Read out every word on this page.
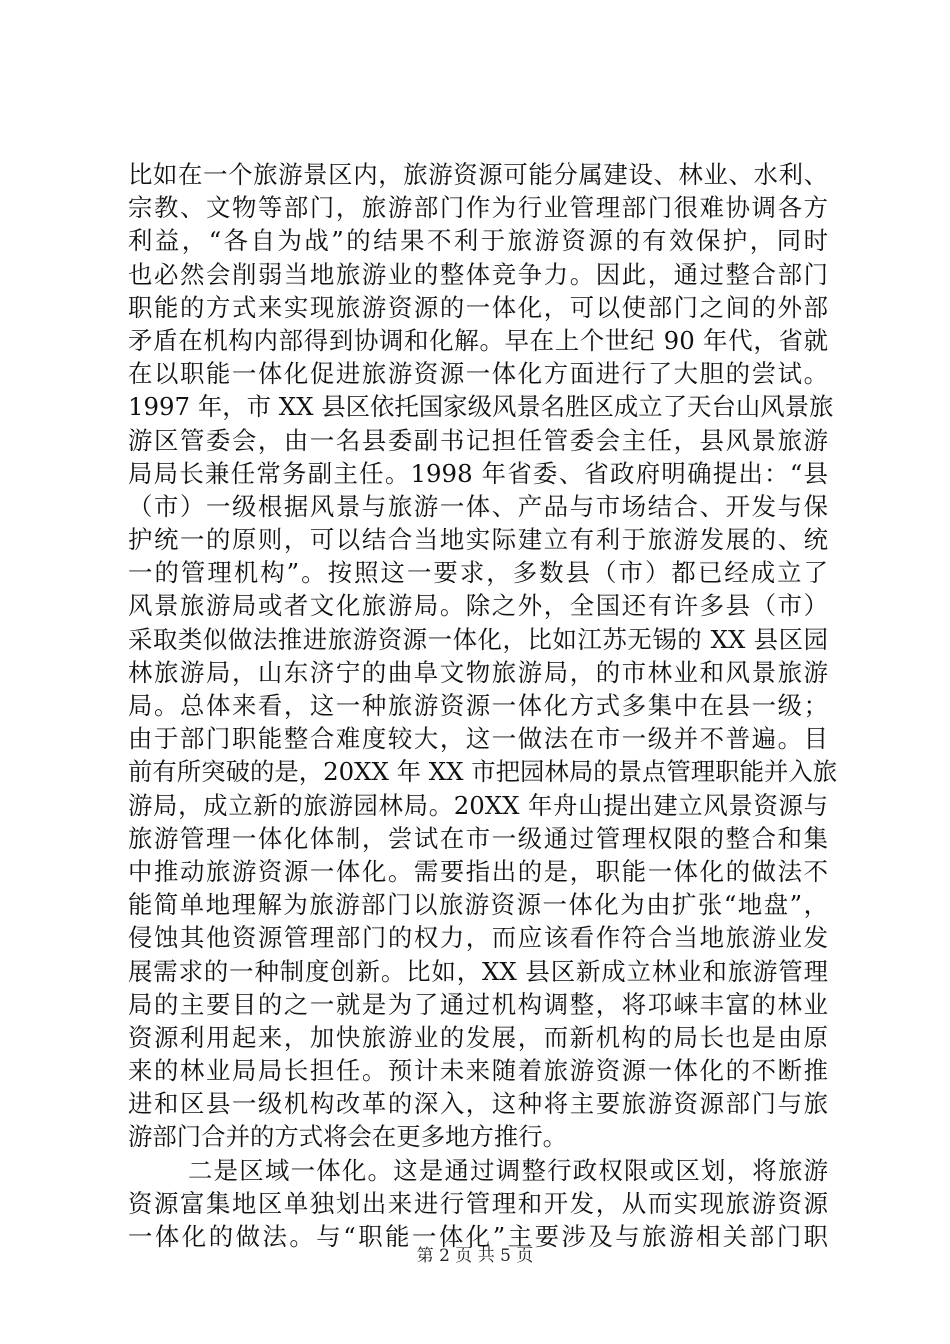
比如在一个旅游景区内，旅游资源可能分属建设、林业、水利、
宗教、文物等部门，旅游部门作为行业管理部门很难协调各方
利益，“各自为战”的结果不利于旅游资源的有效保护，同时
也必然会削弱当地旅游业的整体竞争力。因此，通过整合部门
职能的方式来实现旅游资源的一体化，可以使部门之间的外部
矛盾在机构内部得到协调和化解。早在上个世纪 90 年代，省就
在以职能一体化促进旅游资源一体化方面进行了大胆的尝试。
1997 年，市 XX 县区依托国家级风景名胜区成立了天台山风景旅
游区管委会，由一名县委副书记担任管委会主任，县风景旅游
局局长兼任常务副主任。1998 年省委、省政府明确提出：“县
（市）一级根据风景与旅游一体、产品与市场结合、开发与保
护统一的原则，可以结合当地实际建立有利于旅游发展的、统
一的管理机构”。按照这一要求，多数县（市）都已经成立了
风景旅游局或者文化旅游局。除之外，全国还有许多县（市）
采取类似做法推进旅游资源一体化，比如江苏无锡的 XX 县区园
林旅游局，山东济宁的曲阜文物旅游局，的市林业和风景旅游
局。总体来看，这一种旅游资源一体化方式多集中在县一级；
由于部门职能整合难度较大，这一做法在市一级并不普遍。目
前有所突破的是，20XX 年 XX 市把园林局的景点管理职能并入旅
游局，成立新的旅游园林局。20XX 年舟山提出建立风景资源与
旅游管理一体化体制，尝试在市一级通过管理权限的整合和集
中推动旅游资源一体化。需要指出的是，职能一体化的做法不
能简单地理解为旅游部门以旅游资源一体化为由扩张“地盘”，
侵蚀其他资源管理部门的权力，而应该看作符合当地旅游业发
展需求的一种制度创新。比如，XX 县区新成立林业和旅游管理
局的主要目的之一就是为了通过机构调整，将邛崃丰富的林业
资源利用起来，加快旅游业的发展，而新机构的局长也是由原
来的林业局局长担任。预计未来随着旅游资源一体化的不断推
进和区县一级机构改革的深入，这种将主要旅游资源部门与旅
游部门合并的方式将会在更多地方推行。
二是区域一体化。这是通过调整行政权限或区划，将旅游
资源富集地区单独划出来进行管理和开发，从而实现旅游资源
一体化的做法。与“职能一体化”主要涉及与旅游相关部门职
第 2 页 共 5 页
